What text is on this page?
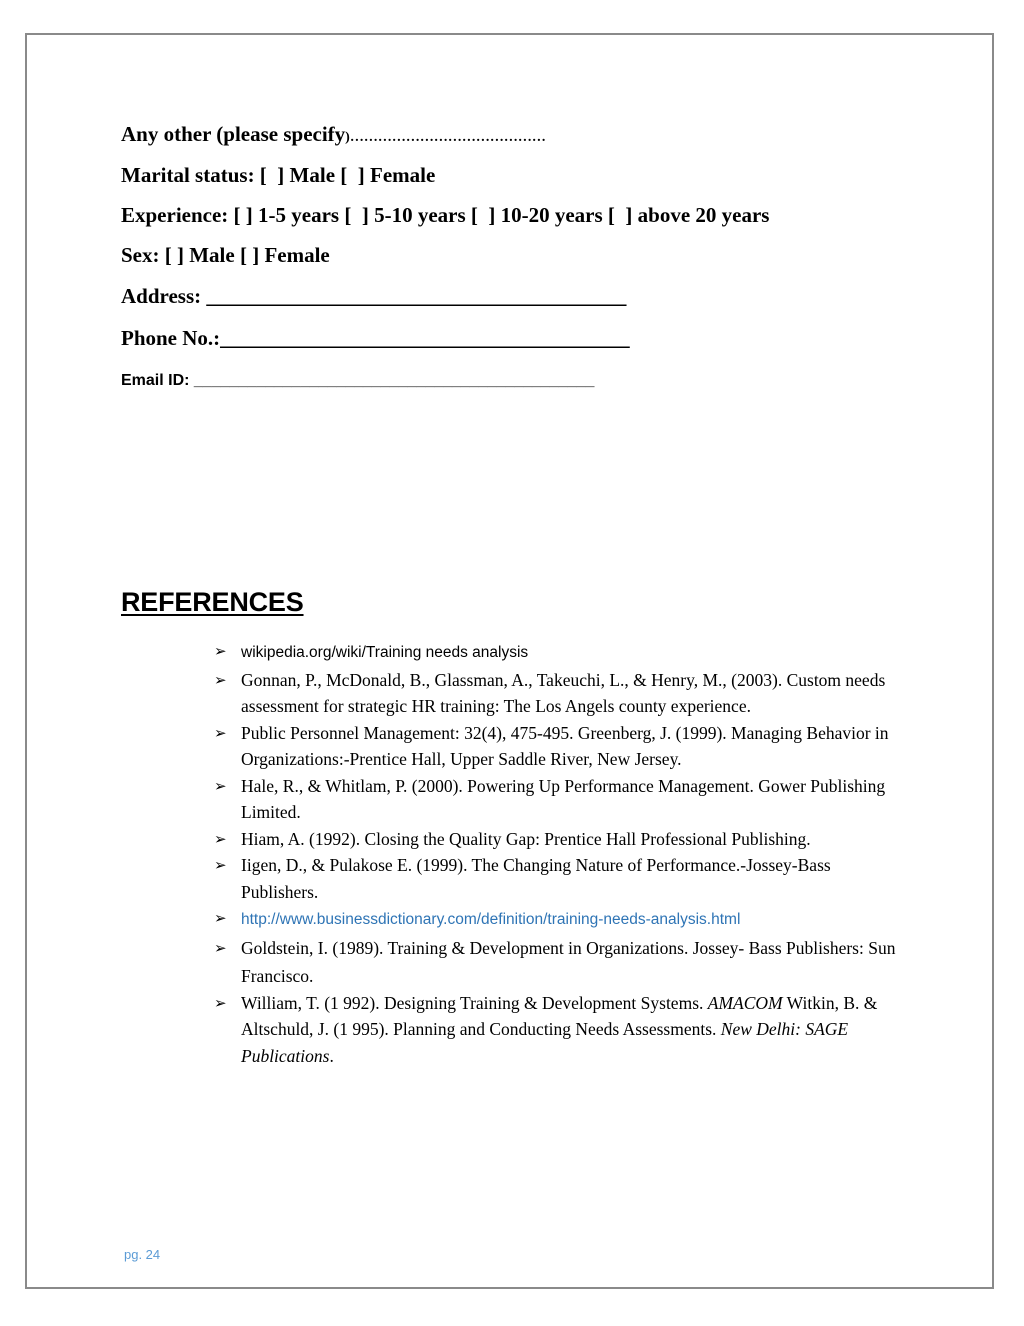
Any other (please specify)……………………………………
Marital status: [  ] Male [  ] Female
Experience: [ ] 1-5 years [  ] 5-10 years [  ] 10-20 years [  ] above 20 years
Sex: [ ] Male [ ] Female
Address: ________________________________________
Phone No.:_______________________________________
Email ID: _____________________________________________
REFERENCES
➢ wikipedia.org/wiki/Training needs analysis
➢ Gonnan, P., McDonald, B., Glassman, A., Takeuchi, L., & Henry, M., (2003). Custom needs assessment for strategic HR training: The Los Angels county experience.
➢ Public Personnel Management: 32(4), 475-495. Greenberg, J. (1999). Managing Behavior in Organizations:-Prentice Hall, Upper Saddle River, New Jersey.
➢ Hale, R., & Whitlam, P. (2000). Powering Up Performance Management. Gower Publishing Limited.
➢ Hiam, A. (1992). Closing the Quality Gap: Prentice Hall Professional Publishing.
➢ Iigen, D., & Pulakose E. (1999). The Changing Nature of Performance.-Jossey-Bass Publishers.
➢ http://www.businessdictionary.com/definition/training-needs-analysis.html
➢ Goldstein, I. (1989). Training & Development in Organizations. Jossey- Bass Publishers: Sun Francisco.
➢ William, T. (1 992). Designing Training & Development Systems. AMACOM Witkin, B. & Altschuld, J. (1 995). Planning and Conducting Needs Assessments. New Delhi: SAGE Publications.
pg. 24
